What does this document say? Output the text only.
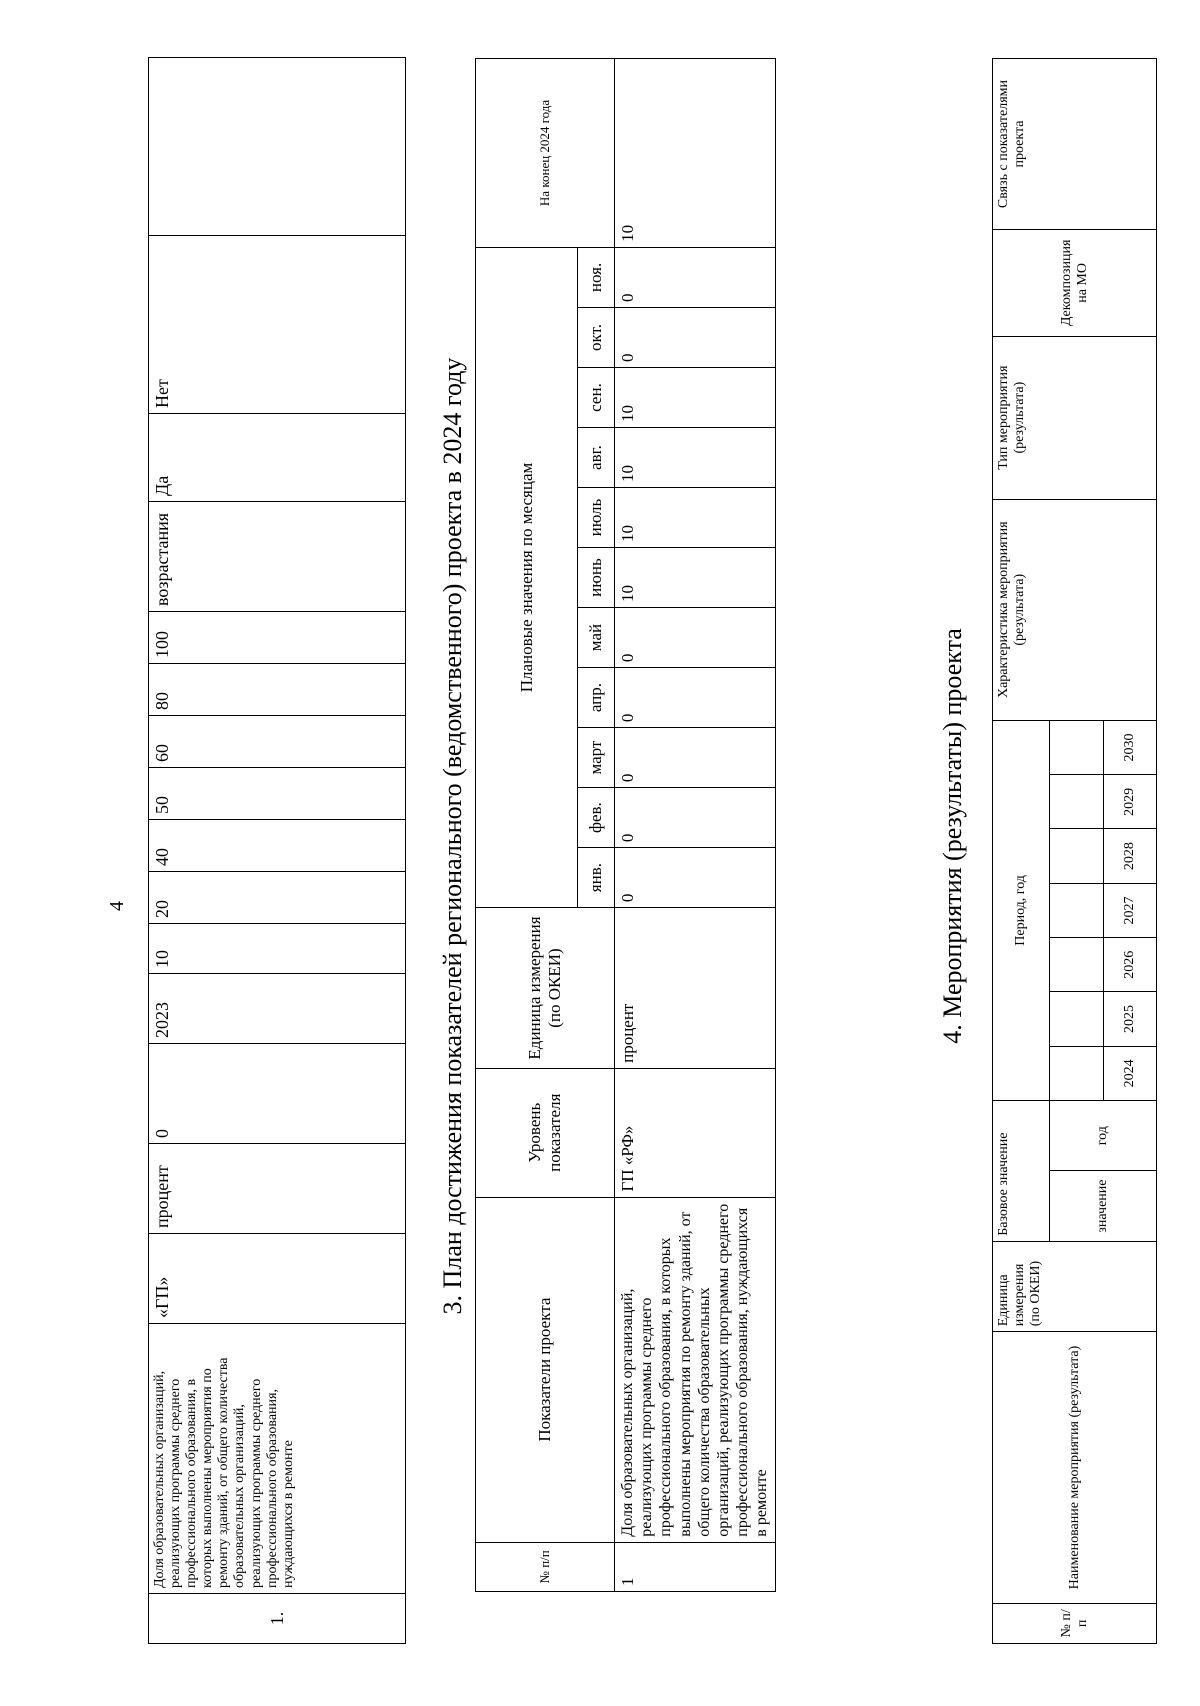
4
1.	Доля образовательных организаций, реализующих программы среднего профессионального образования, в которых выполнены мероприятия по ремонту зданий, от общего количества образовательных организаций, реализующих программы среднего профессионального образования, нуждающихся в ремонте	«ГП»	процент	0	2023	10	20	40	50	60	80	100	возрастания	Да	Нет		3. План достижения показателей регионального (ведомственного) проекта в 2024 году
№ п/п	Показатели проекта	Уровень показателя	Единица измерения (по ОКЕИ)	Плановые значения по месяцам											На конец 2024 года
				янв.	фев.	март	апр.	май	июнь	июль	авг.	сен.	окт.	ноя.	
1	Доля образовательных организаций, реализующих программы среднего профессионального образования, в которых выполнены мероприятия по ремонту зданий, от общего количества образовательных организаций, реализующих программы среднего профессионального образования, нуждающихся в ремонте	ГП «РФ»	процент	0	0	0	0	0	10	10	10	10	0	0	10
4. Мероприятия (результаты) проекта
№ п/п	Наименование мероприятия (результата)	Единица измерения (по ОКЕИ)	Базовое значение		Период, год							Характеристика мероприятия (результата)	Тип мероприятия (результата)	Декомпозиция на МО	Связь с показателями проекта
			значение	год											
					2024	2025	2026	2027	2028	2029	2030				
